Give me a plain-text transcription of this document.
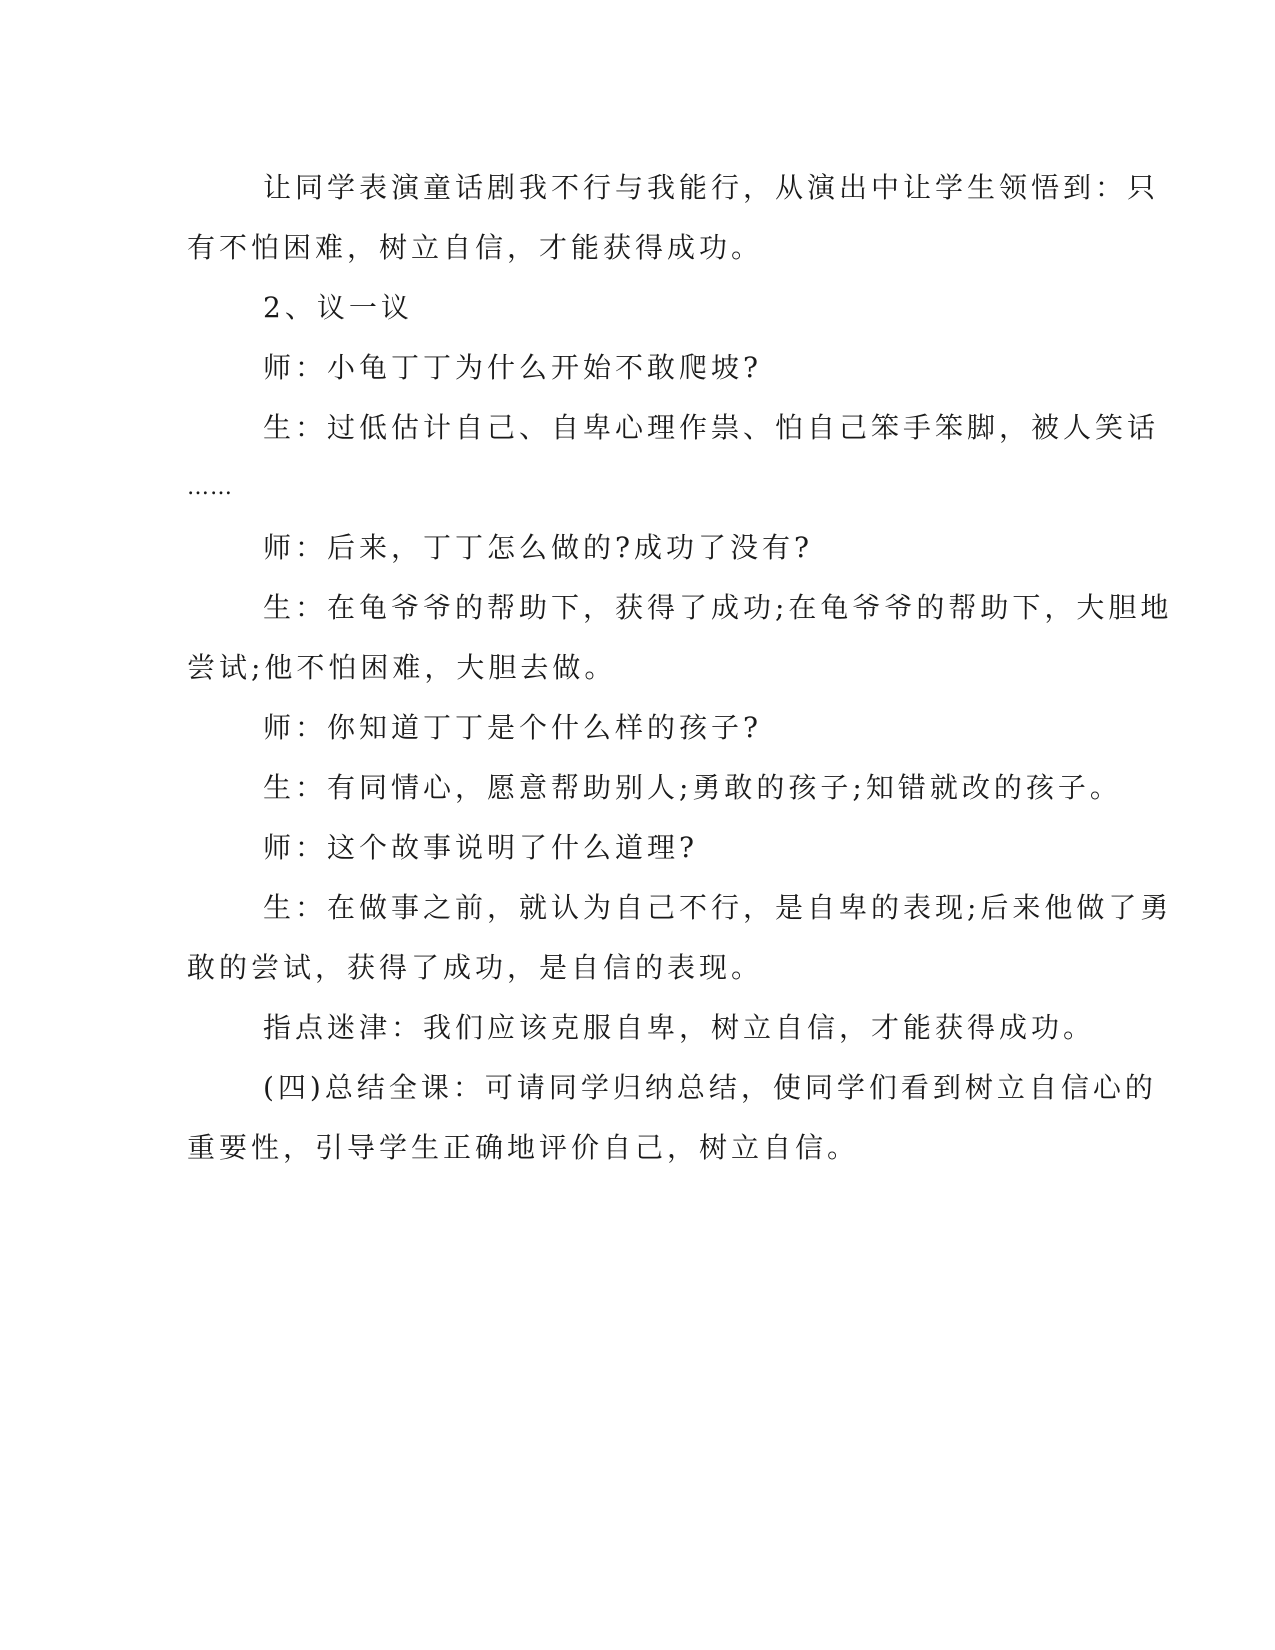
让同学表演童话剧我不行与我能行，从演出中让学生领悟到：只
有不怕困难，树立自信，才能获得成功。
2、议一议
师：小龟丁丁为什么开始不敢爬坡?
生：过低估计自己、自卑心理作祟、怕自己笨手笨脚，被人笑话
……
师：后来，丁丁怎么做的?成功了没有?
生：在龟爷爷的帮助下，获得了成功;在龟爷爷的帮助下，大胆地
尝试;他不怕困难，大胆去做。
师：你知道丁丁是个什么样的孩子?
生：有同情心，愿意帮助别人;勇敢的孩子;知错就改的孩子。
师：这个故事说明了什么道理?
生：在做事之前，就认为自己不行，是自卑的表现;后来他做了勇
敢的尝试，获得了成功，是自信的表现。
指点迷津：我们应该克服自卑，树立自信，才能获得成功。
(四)总结全课：可请同学归纳总结，使同学们看到树立自信心的
重要性，引导学生正确地评价自己，树立自信。
